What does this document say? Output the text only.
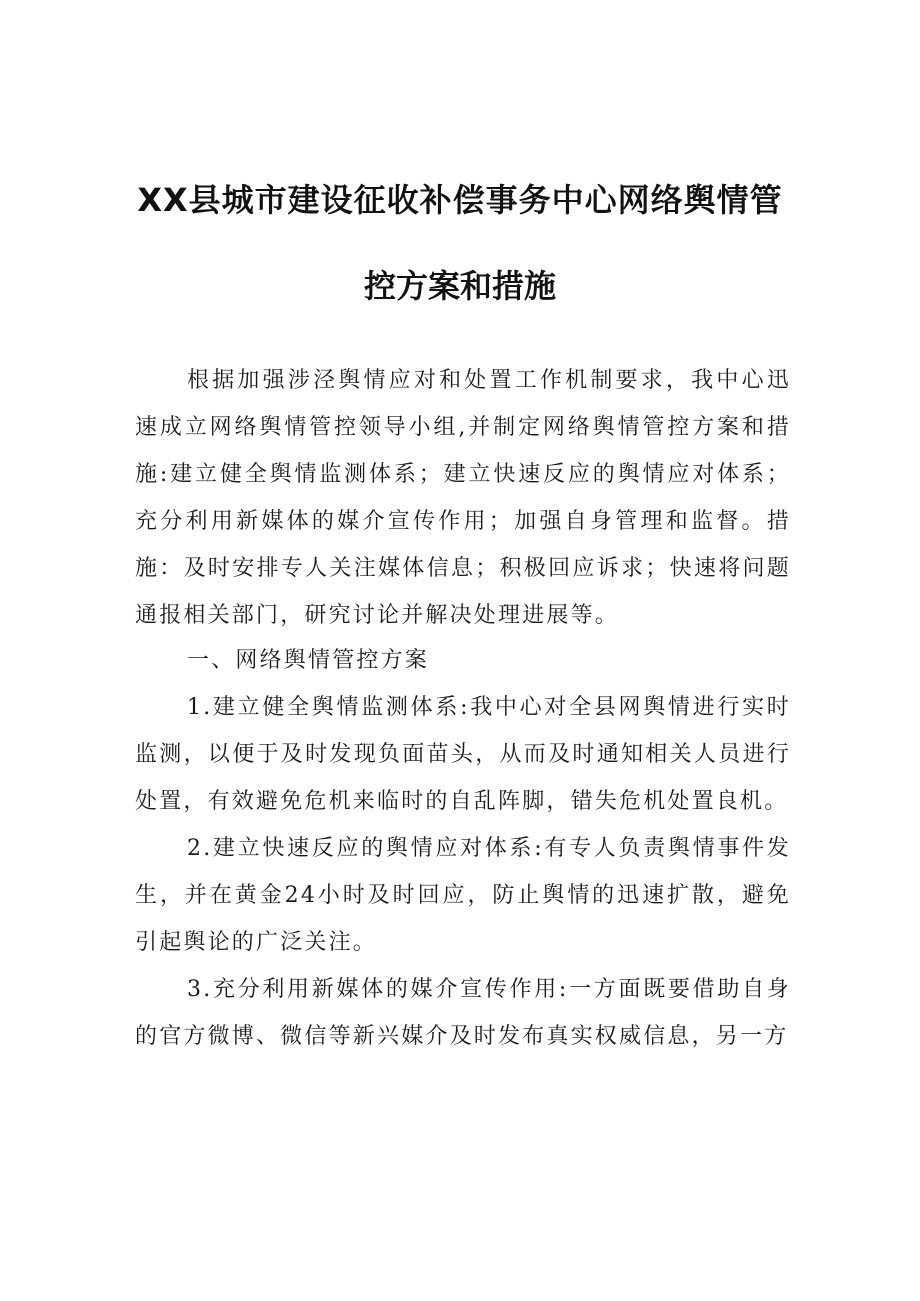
XX县城市建设征收补偿事务中心网络舆情管
控方案和措施

根据加强涉泾舆情应对和处置工作机制要求，我中心迅速成立网络舆情管控领导小组,并制定网络舆情管控方案和措施:建立健全舆情监测体系；建立快速反应的舆情应对体系；充分利用新媒体的媒介宣传作用；加强自身管理和监督。措施：及时安排专人关注媒体信息；积极回应诉求；快速将问题通报相关部门，研究讨论并解决处理进展等。

一、网络舆情管控方案

1.建立健全舆情监测体系:我中心对全县网舆情进行实时监测，以便于及时发现负面苗头，从而及时通知相关人员进行处置，有效避免危机来临时的自乱阵脚，错失危机处置良机。

2.建立快速反应的舆情应对体系:有专人负责舆情事件发生，并在黄金24小时及时回应，防止舆情的迅速扩散，避免引起舆论的广泛关注。

3.充分利用新媒体的媒介宣传作用:一方面既要借助自身的官方微博、微信等新兴媒介及时发布真实权威信息，另一方
